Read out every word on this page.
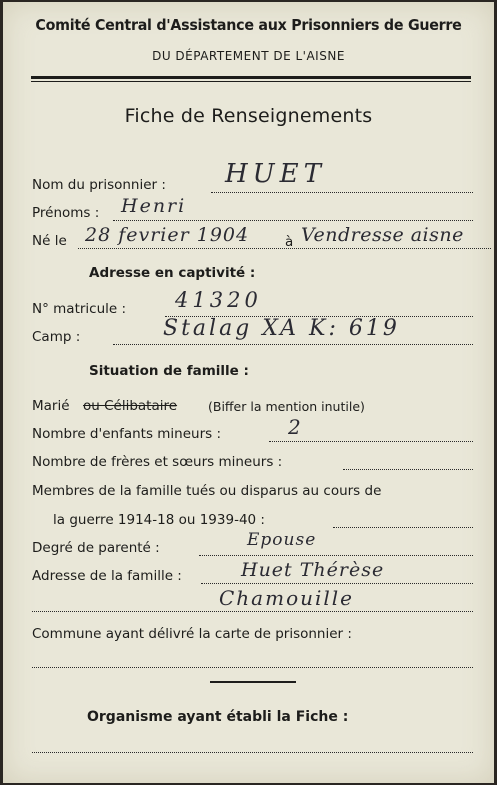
Comité Central d'Assistance aux Prisonniers de Guerre
DU DÉPARTEMENT DE L'AISNE
Fiche de Renseignements
Nom du prisonnier : HUET
Prénoms : Henri
Né le 28 fevrier 1904	à Vendresse aisne
Adresse en captivité :
N° matricule : 41320
Camp :	Stalag XA K: 619
Situation de famille :
Marié ou Célibataire (Biffer la mention inutile)
Nombre d'enfants mineurs :	2
Nombre de frères et sœurs mineurs :
Membres de la famille tués ou disparus au cours de
la guerre 1914-18 ou 1939-40 :
Degré de parenté :	Epouse
Adresse de la famille :	Huet Thérèse
Chamouille
Commune ayant délivré la carte de prisonnier :
Organisme ayant établi la Fiche :
